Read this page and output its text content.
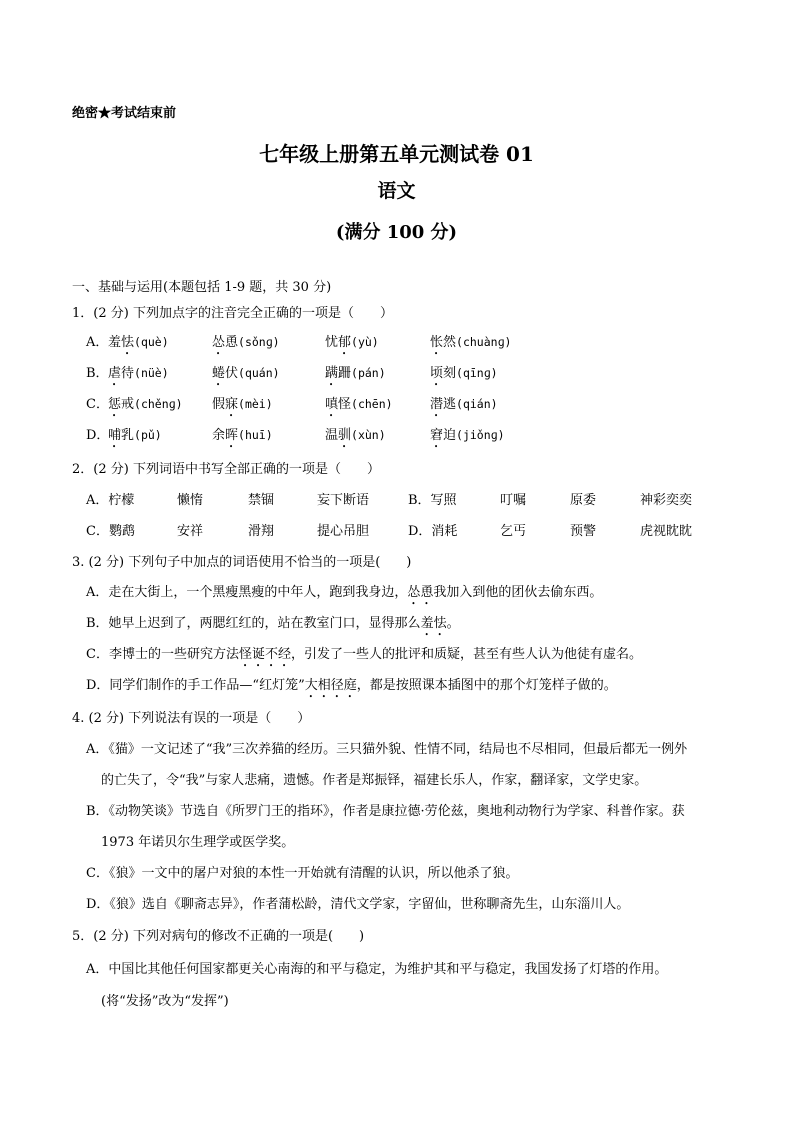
绝密★考试结束前
七年级上册第五单元测试卷 01
语文
(满分 100 分)
一、基础与运用(本题包括 1-9 题，共 30 分)
1．(2 分) 下列加点字的注音完全正确的一项是（　　）
A． 羞怯(què)	怂恿(sǒnɡ)	忧郁(yù)	怅然(chuànɡ)
B． 虐待(nüè)	蜷伏(quán)	蹒跚(pán)	顷刻(qīnɡ)
C． 惩戒(chěnɡ) 假寐(mèi)	嗔怪(chēn)	潜逃(qián)
D．
哺乳(pǔ)	余晖(huī)	温驯(xùn)	窘迫(jiǒnɡ)
2．(2 分) 下列词语中书写全部正确的一项是（　　）
A．柠檬	懒惰	禁锢	妄下断语	B．写照	叮嘱	原委	神彩奕奕
C．鹦鹉	安祥	滑翔	提心吊胆	D．消耗	乞丐	预警	虎视眈眈
3. (2 分) 下列句子中加点的词语使用不恰当的一项是(　　)
A．走在大街上，一个黑瘦黑瘦的中年人，跑到我身边，怂恿我加入到他的团伙去偷东西。
B．她早上迟到了，两腮红红的，站在教室门口，显得那么羞怯。
C．李博士的一些研究方法怪诞不经，引发了一些人的批评和质疑，甚至有些人认为他徒有虚名。
D．同学们制作的手工作品—“红灯笼”大相径庭，都是按照课本插图中的那个灯笼样子做的。
4. (2 分) 下列说法有误的一项是（　　）
A．《猫》一文记述了“我”三次养猫的经历。三只猫外貌、性情不同，结局也不尽相同，但最后都无一例外
的亡失了，令“我”与家人悲痛，遗憾。作者是郑振铎，福建长乐人，作家，翻译家，文学史家。
B．《动物笑谈》节选自《所罗门王的指环》，作者是康拉德·劳伦兹，奥地利动物行为学家、科普作家。获
1973 年诺贝尔生理学或医学奖。
C．《狼》一文中的屠户对狼的本性一开始就有清醒的认识，所以他杀了狼。
D．《狼》选自《聊斋志异》，作者蒲松龄，清代文学家，字留仙，世称聊斋先生，山东淄川人。
5．(2 分) 下列对病句的修改不正确的一项是(　　)
A．中国比其他任何国家都更关心南海的和平与稳定，为维护其和平与稳定，我国发扬了灯塔的作用。
(将“发扬”改为“发挥”)
